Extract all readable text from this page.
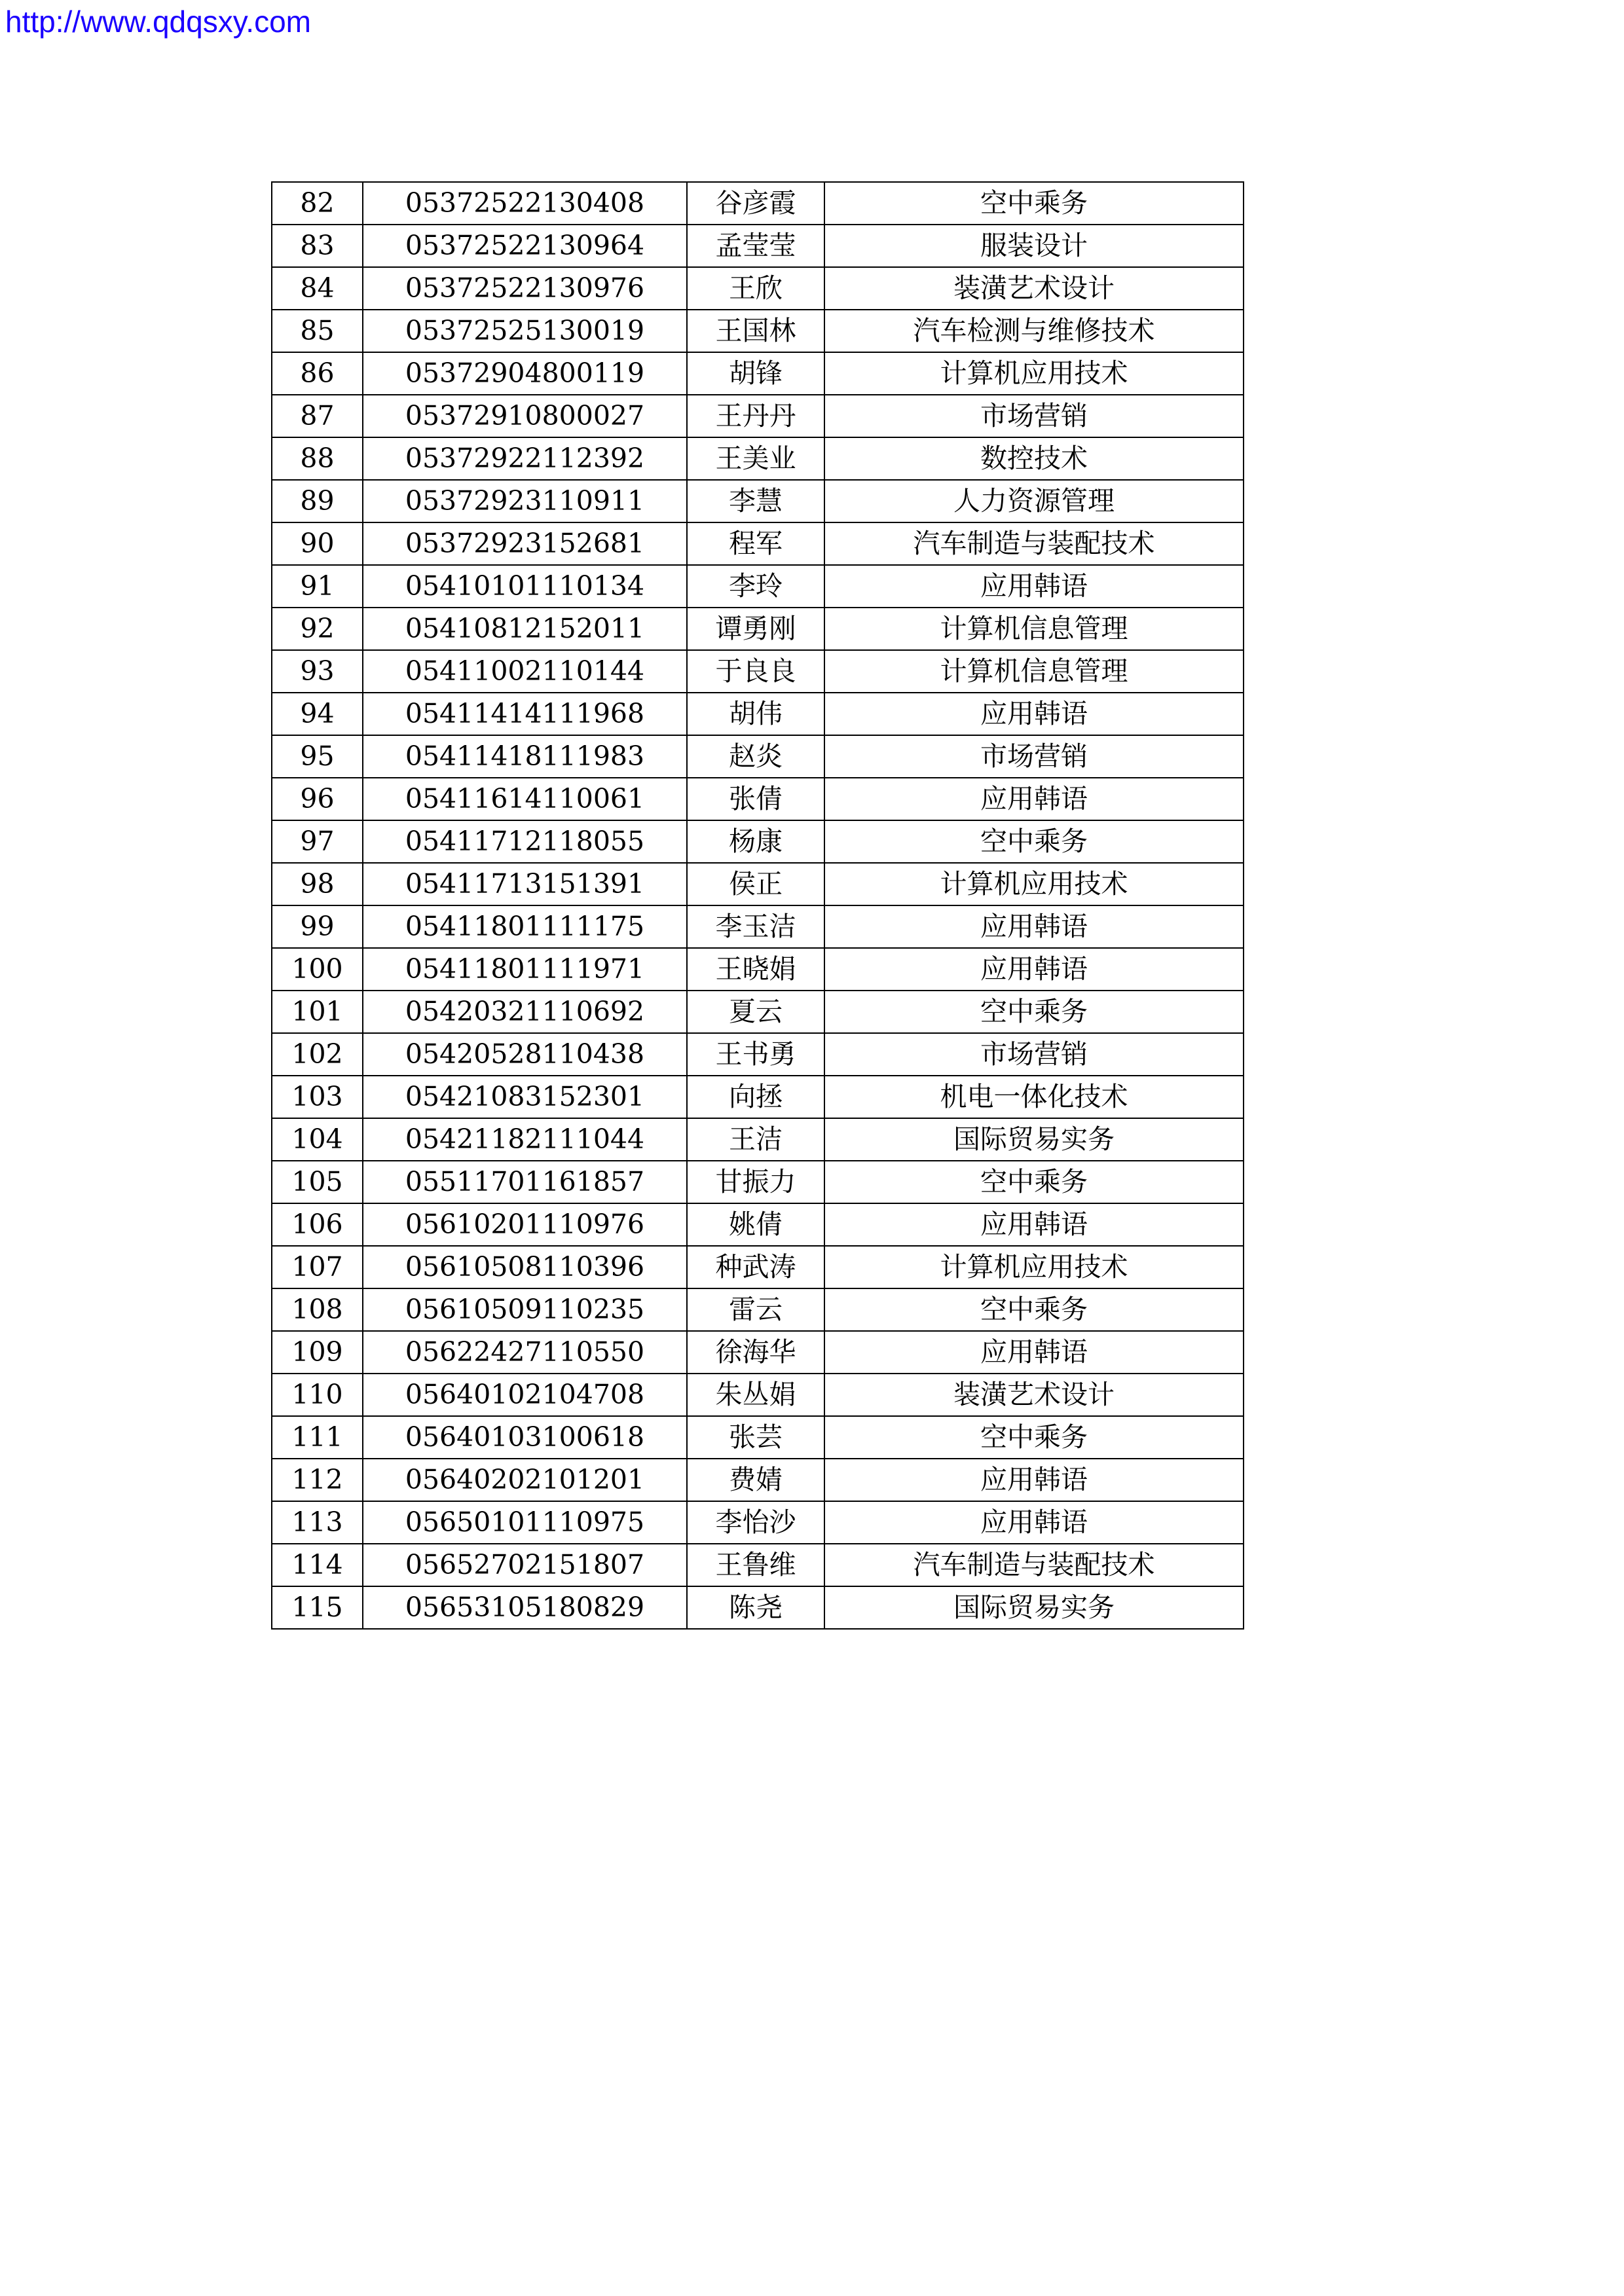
http://www.qdqsxy.com
82	05372522130408	谷彦霞	空中乘务
83	05372522130964	孟莹莹	服装设计
84	05372522130976	王欣	装潢艺术设计
85	05372525130019	王国林	汽车检测与维修技术
86	05372904800119	胡锋	计算机应用技术
87	05372910800027	王丹丹	市场营销
88	05372922112392	王美业	数控技术
89	05372923110911	李慧	人力资源管理
90	05372923152681	程军	汽车制造与装配技术
91	05410101110134	李玲	应用韩语
92	05410812152011	谭勇刚	计算机信息管理
93	05411002110144	于良良	计算机信息管理
94	05411414111968	胡伟	应用韩语
95	05411418111983	赵炎	市场营销
96	05411614110061	张倩	应用韩语
97	05411712118055	杨康	空中乘务
98	05411713151391	侯正	计算机应用技术
99	05411801111175	李玉洁	应用韩语
100	05411801111971	王晓娟	应用韩语
101	05420321110692	夏云	空中乘务
102	05420528110438	王书勇	市场营销
103	05421083152301	向拯	机电一体化技术
104	05421182111044	王洁	国际贸易实务
105	05511701161857	甘振力	空中乘务
106	05610201110976	姚倩	应用韩语
107	05610508110396	种武涛	计算机应用技术
108	05610509110235	雷云	空中乘务
109	05622427110550	徐海华	应用韩语
110	05640102104708	朱丛娟	装潢艺术设计
111	05640103100618	张芸	空中乘务
112	05640202101201	费婧	应用韩语
113	05650101110975	李怡沙	应用韩语
114	05652702151807	王鲁维	汽车制造与装配技术
115	05653105180829	陈尧	国际贸易实务
